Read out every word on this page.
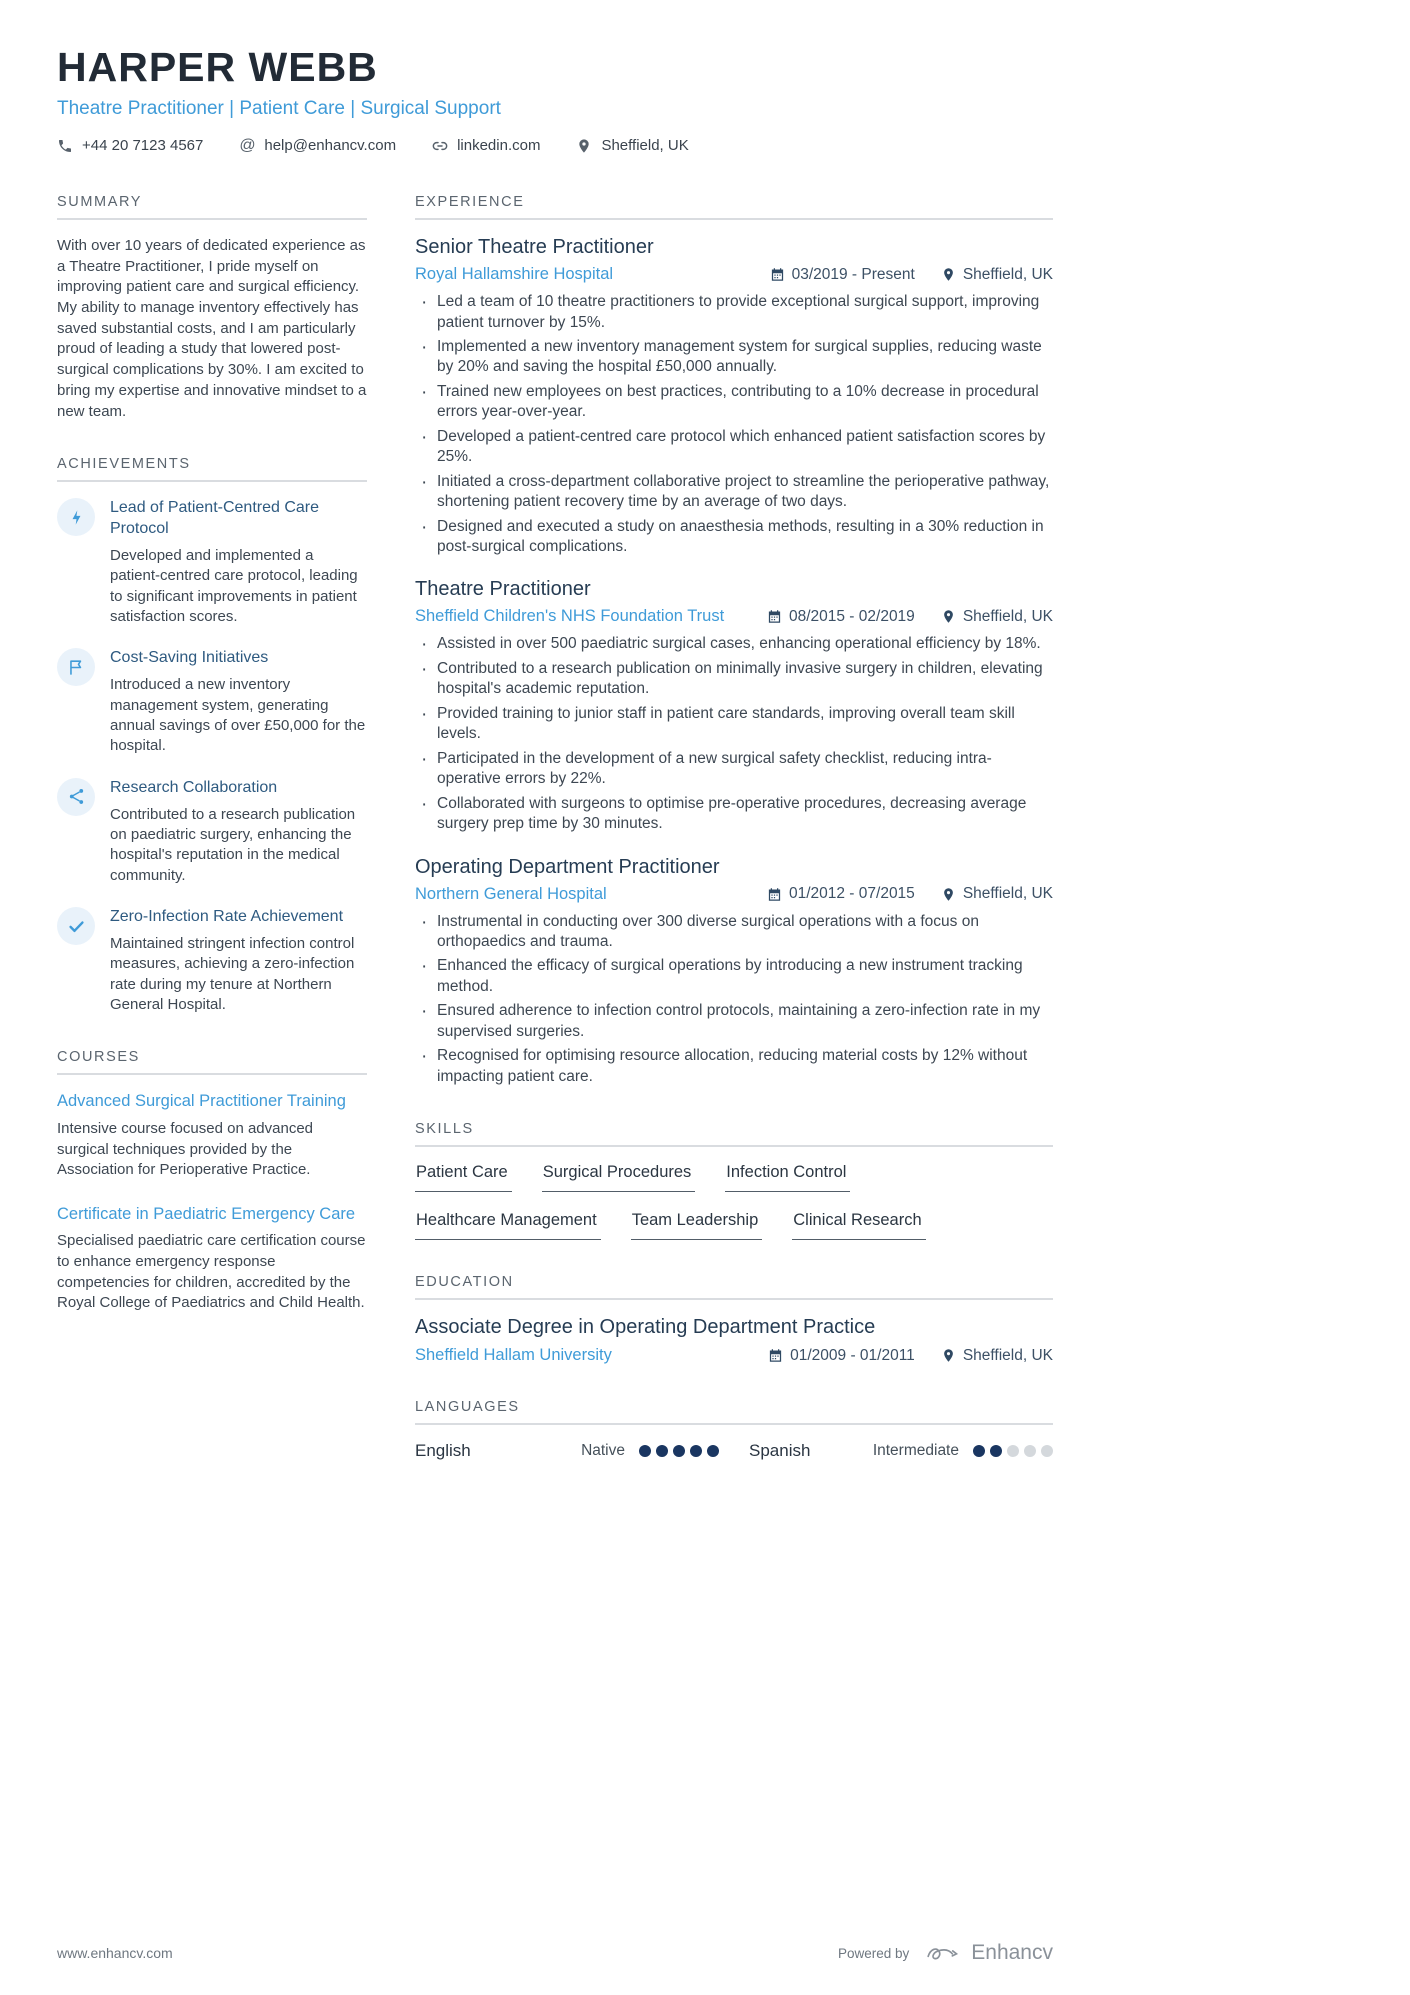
HARPER WEBB
Theatre Practitioner | Patient Care | Surgical Support
+44 20 7123 4567 @	help@enhancv.com	linkedin.com	Sheffield, UK
SUMMARY

With over 10 years of dedicated experience as a Theatre Practitioner, I pride myself on improving patient care and surgical efficiency. My ability to manage inventory effectively has saved substantial costs, and I am particularly proud of leading a study that lowered post-surgical complications by 30%. I am excited to bring my expertise and innovative mindset to a new team.

ACHIEVEMENTS
Lead of Patient-Centred Care Protocol
Developed and implemented a patient-centred care protocol, leading to significant improvements in patient satisfaction scores.
Cost-Saving Initiatives
Introduced a new inventory management system, generating annual savings of over £50,000 for the hospital.
Research Collaboration
Contributed to a research publication on paediatric surgery, enhancing the hospital's reputation in the medical community.
Zero-Infection Rate Achievement
Maintained stringent infection control measures, achieving a zero-infection rate during my tenure at Northern General Hospital.
COURSES
Advanced Surgical Practitioner Training
Intensive course focused on advanced surgical techniques provided by the Association for Perioperative Practice.
Certificate in Paediatric Emergency Care
Specialised paediatric care certification course to enhance emergency response competencies for children, accredited by the Royal College of Paediatrics and Child Health.
EXPERIENCE
Senior Theatre Practitioner
Royal Hallamshire Hospital	03/2019 - Present	Sheffield, UK
· Led a team of 10 theatre practitioners to provide exceptional surgical support, improving patient turnover by 15%.
· Implemented a new inventory management system for surgical supplies, reducing waste by 20% and saving the hospital £50,000 annually.
· Trained new employees on best practices, contributing to a 10% decrease in procedural errors year-over-year.
· Developed a patient-centred care protocol which enhanced patient satisfaction scores by 25%.
· Initiated a cross-department collaborative project to streamline the perioperative pathway, shortening patient recovery time by an average of two days.
· Designed and executed a study on anaesthesia methods, resulting in a 30% reduction in post-surgical complications.
Theatre Practitioner
Sheffield Children's NHS Foundation Trust	08/2015 - 02/2019	Sheffield, UK
· Assisted in over 500 paediatric surgical cases, enhancing operational efficiency by 18%.
· Contributed to a research publication on minimally invasive surgery in children, elevating hospital's academic reputation.
· Provided training to junior staff in patient care standards, improving overall team skill levels.
· Participated in the development of a new surgical safety checklist, reducing intra-operative errors by 22%.
· Collaborated with surgeons to optimise pre-operative procedures, decreasing average surgery prep time by 30 minutes.
Operating Department Practitioner
Northern General Hospital	01/2012 - 07/2015	Sheffield, UK
· Instrumental in conducting over 300 diverse surgical operations with a focus on orthopaedics and trauma.
· Enhanced the efficacy of surgical operations by introducing a new instrument tracking method.
· Ensured adherence to infection control protocols, maintaining a zero-infection rate in my supervised surgeries.
· Recognised for optimising resource allocation, reducing material costs by 12% without impacting patient care.
SKILLS
Patient Care Surgical Procedures Infection Control
Healthcare Management Team Leadership Clinical Research
EDUCATION
Associate Degree in Operating Department Practice
Sheffield Hallam University	01/2009 - 01/2011	Sheffield, UK
LANGUAGES
English	Native	Spanish	Intermediate
www.enhancv.com	Powered by	Enhancv
